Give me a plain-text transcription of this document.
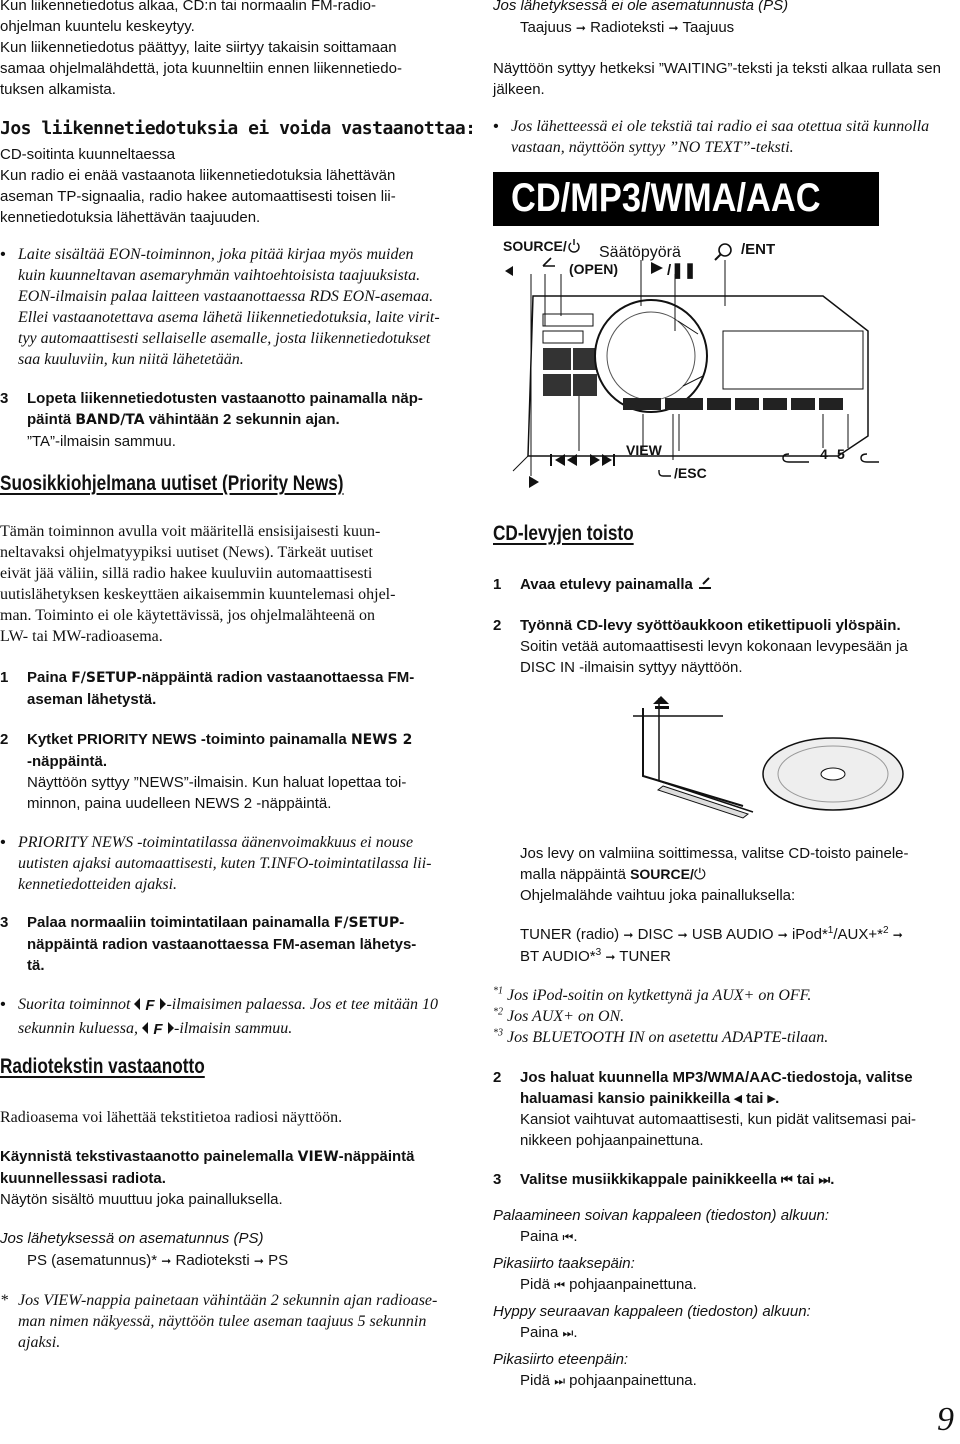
Kun liikennetiedotus alkaa, CD:n tai normaalin FM-radio-

ohjelman kuuntelu keskeytyy.

Kun liikennetiedotus päättyy, laite siirtyy takaisin soittamaan

samaa ohjelmalähdettä, jota kuunneltiin ennen liikennetiedo-

tuksen alkamista.

Jos liikennetiedotuksia ei voida vastaanottaa:

CD-soitinta kuunneltaessa

Kun radio ei enää vastaanota liikennetiedotuksia lähettävän

aseman TP-signaalia, radio hakee automaattisesti toisen lii-

kennetiedotuksia lähettävän taajuuden.

• Laite sisältää EON-toiminnon, joka pitää kirjaa myös muiden

kuin kuunneltavan asemaryhmän vaihtoehtoisista taajuuksista.

EON-ilmaisin palaa laitteen vastaanottaessa RDS EON-asemaa.

Ellei vastaanotettava asema lähetä liikennetiedotuksia, laite virit-

tyy automaattisesti sellaiselle asemalle, josta liikennetiedotukset

saa kuuluviin, kun niitä lähetetään.

3 Lopeta liikennetiedotusten vastaanotto painamalla näp-

päintä BAND/TA vähintään 2 sekunnin ajan.

”TA”-ilmaisin sammuu.

Suosikkiohjelmana uutiset (Priority News)

Tämän toiminnon avulla voit määritellä ensisijaisesti kuun-

neltavaksi ohjelmatyypiksi uutiset (News). Tärkeät uutiset

eivät jää väliin, sillä radio hakee kuuluviin automaattisesti

uutislähetyksen keskeyttäen aikaisemmin kuuntelemasi ohjel-

man. Toiminto ei ole käytettävissä, jos ohjelmalähteenä on

LW- tai MW-radioasema.

1 Paina F/SETUP-näppäintä radion vastaanottaessa FM-

aseman lähetystä.

2 Kytket PRIORITY NEWS -toiminto painamalla NEWS 2

-näppäintä.

Näyttöön syttyy ”NEWS”-ilmaisin. Kun haluat lopettaa toi-

minnon, paina uudelleen NEWS 2 -näppäintä.

• PRIORITY NEWS -toimintatilassa äänenvoimakkuus ei nouse

uutisten ajaksi automaattisesti, kuten T.INFO-toimintatilassa lii-

kennetiedotteiden ajaksi.

3 Palaa normaaliin toimintatilaan painamalla F/SETUP-

näppäintä radion vastaanottaessa FM-aseman lähetys-

tä.

• Suorita toiminnot F -ilmaisimen palaessa. Jos et tee mitään 10

sekunnin kuluessa, F -ilmaisin sammuu.

Radiotekstin vastaanotto

Radioasema voi lähettää tekstitietoa radiosi näyttöön.

Käynnistä tekstivastaanotto painelemalla VIEW-näppäintä

kuunnellessasi radiota.

Näytön sisältö muuttuu joka painalluksella.

Jos lähetyksessä on asematunnus (PS)

PS (asematunnus)* ➞ Radioteksti ➞ PS

* Jos VIEW-nappia painetaan vähintään 2 sekunnin ajan radioase-

man nimen näkyessä, näyttöön tulee aseman taajuus 5 sekunnin

ajaksi.

Jos lähetyksessä ei ole asematunnusta (PS)

Taajuus ➞ Radioteksti ➞ Taajuus

Näyttöön syttyy hetkeksi ”WAITING”-teksti ja teksti alkaa rullata sen

jälkeen.

• Jos lähetteessä ei ole tekstiä tai radio ei saa otettua sitä kunnolla

vastaan, näyttöön syttyy ”NO TEXT”-teksti.

CD/MP3/WMA/AAC
SOURCE/ Säätöpyörä	/ENT
(OPEN)	/❚❚
VIEW
/ESC
4 5
CD-levyjen toisto
1 Avaa etulevy painamalla
2 Työnnä CD-levy syöttöaukkoon etikettipuoli ylöspäin.

Soitin vetää automaattisesti levyn kokonaan levypesään ja

DISC IN -ilmaisin syttyy näyttöön.

Jos levy on valmiina soittimessa, valitse CD-toisto painele-

malla näppäintä SOURCE/⏻

Ohjelmalähde vaihtuu joka painalluksella:

TUNER (radio) ➞ DISC ➞ USB AUDIO ➞ iPod*$^1$/AUX+*$^2$ ➞

BT AUDIO*$^3$ ➞ TUNER

$^{*1}$ Jos iPod-soitin on kytkettynä ja AUX+ on OFF.

$^{*2}$ Jos AUX+ on ON.

$^{*3}$ Jos BLUETOOTH IN on asetettu ADAPTE-tilaan.

2 Jos haluat kuunnella MP3/WMA/AAC-tiedostoja, valitse

haluamasi kansio painikkeilla ◂ tai ▸.

Kansiot vaihtuvat automaattisesti, kun pidät valitsemasi pai-

nikkeen pohjaanpainettuna.

3 Valitse musiikkikappale painikkeella ⏮ tai ⏭.

Palaamineen soivan kappaleen (tiedoston) alkuun:

Paina ⏮.

Pikasiirto taaksepäin:

Pidä ⏮ pohjaanpainettuna.

Hyppy seuraavan kappaleen (tiedoston) alkuun:

Paina ⏭.

Pikasiirto eteenpäin:

Pidä ⏭ pohjaanpainettuna.

9
